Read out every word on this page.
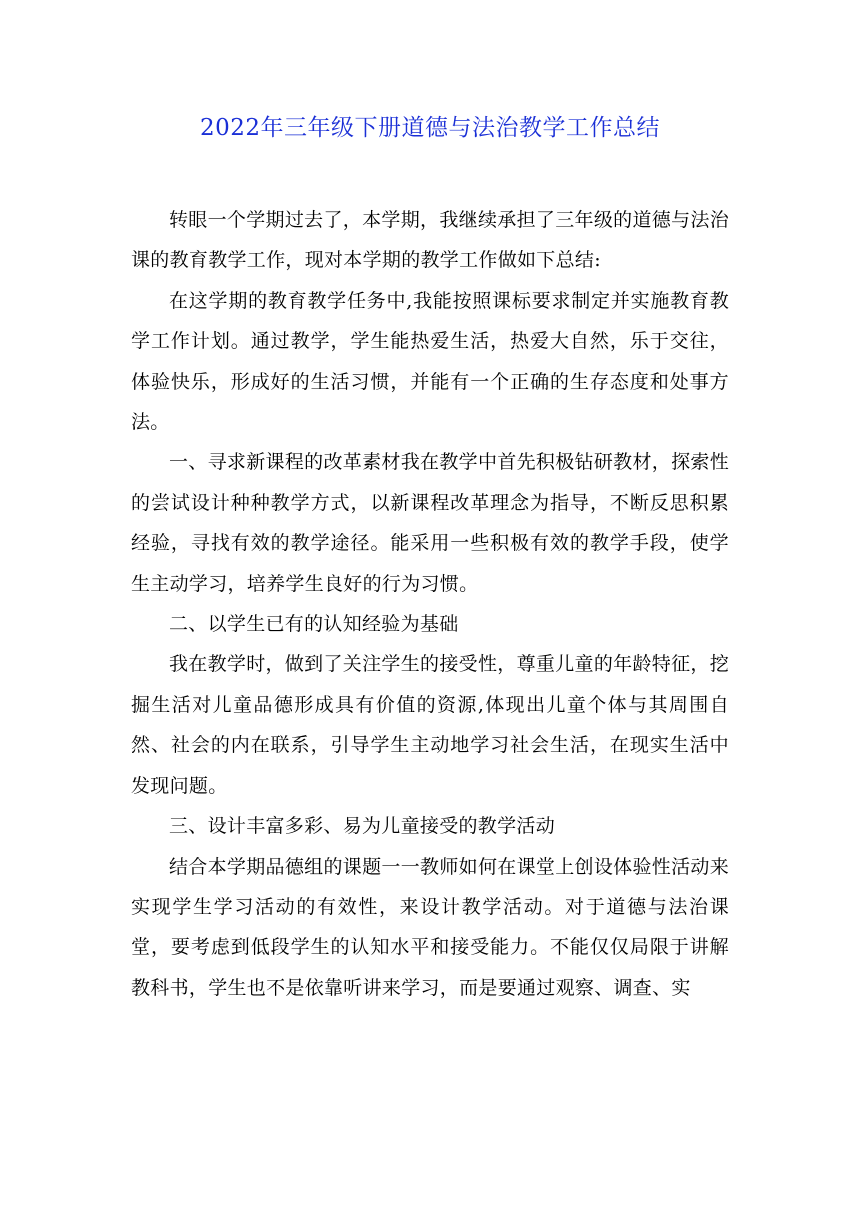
2022年三年级下册道德与法治教学工作总结

转眼一个学期过去了，本学期，我继续承担了三年级的道德与法治课的教育教学工作，现对本学期的教学工作做如下总结:

在这学期的教育教学任务中,我能按照课标要求制定并实施教育教学工作计划。通过教学，学生能热爱生活，热爱大自然，乐于交往，体验快乐，形成好的生活习惯，并能有一个正确的生存态度和处事方法。

一、寻求新课程的改革素材我在教学中首先积极钻研教材，探索性的尝试设计种种教学方式，以新课程改革理念为指导，不断反思积累经验，寻找有效的教学途径。能采用一些积极有效的教学手段，使学生主动学习，培养学生良好的行为习惯。

二、以学生已有的认知经验为基础

我在教学时，做到了关注学生的接受性，尊重儿童的年龄特征，挖掘生活对儿童品德形成具有价值的资源,体现出儿童个体与其周围自然、社会的内在联系，引导学生主动地学习社会生活，在现实生活中发现问题。

三、设计丰富多彩、易为儿童接受的教学活动

结合本学期品德组的课题一一教师如何在课堂上创设体验性活动来实现学生学习活动的有效性，来设计教学活动。对于道德与法治课堂，要考虑到低段学生的认知水平和接受能力。不能仅仅局限于讲解教科书，学生也不是依靠听讲来学习，而是要通过观察、调查、实
